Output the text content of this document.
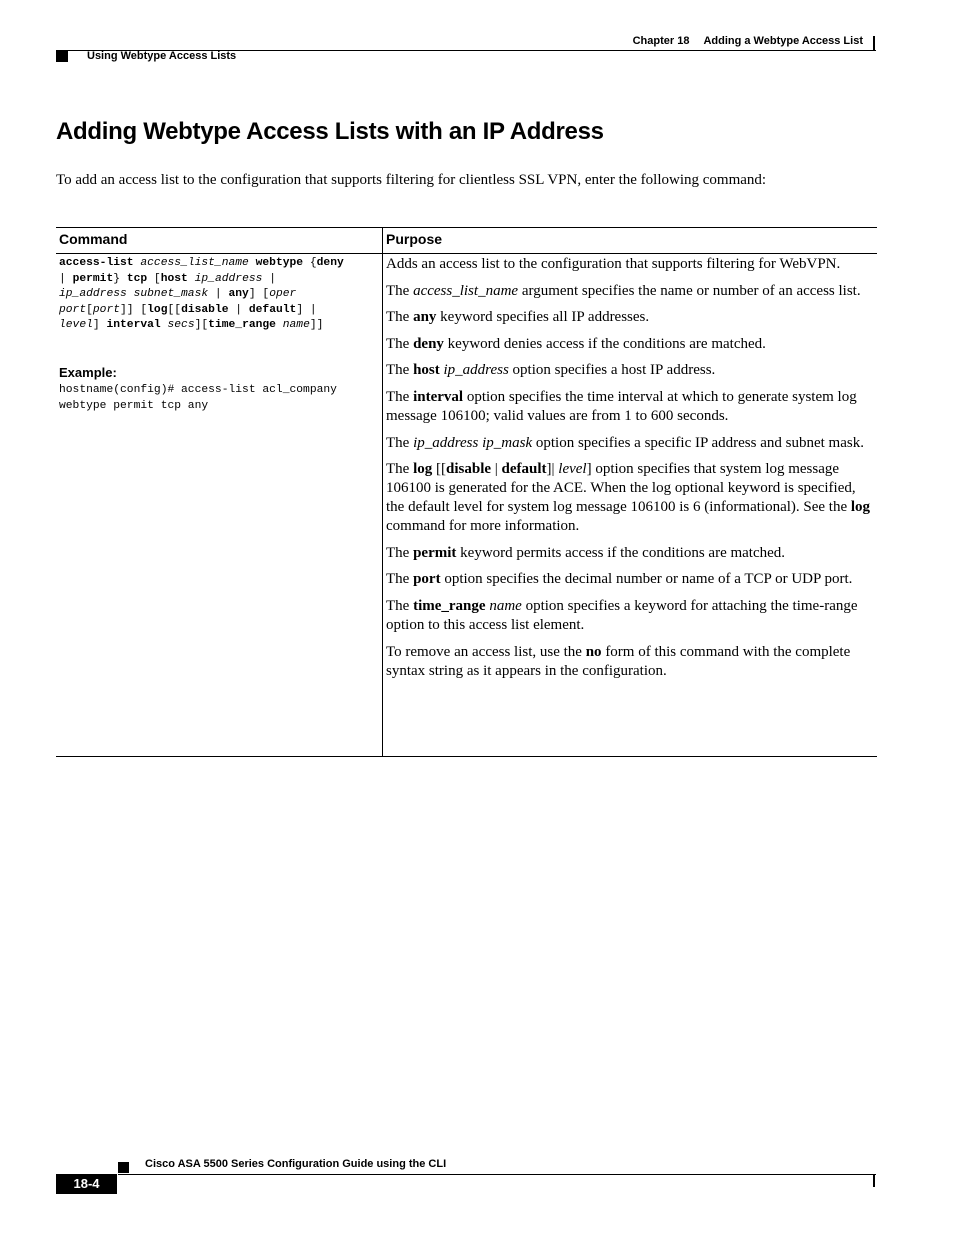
Chapter 18 Adding a Webtype Access List
Using Webtype Access Lists
Adding Webtype Access Lists with an IP Address
To add an access list to the configuration that supports filtering for clientless SSL VPN, enter the following command:
Command	Purpose
access-list access_list_name webtype {deny
| permit} tcp [host ip_address |
ip_address subnet_mask | any] [oper
port[port]] [log[[disable | default] |
level] interval secs][time_range name]]
Example:
hostname(config)# access-list acl_company
webtype permit tcp any

Adds an access list to the configuration that supports filtering for WebVPN.

The access_list_name argument specifies the name or number of an access list.

The any keyword specifies all IP addresses.

The deny keyword denies access if the conditions are matched.

The host ip_address option specifies a host IP address.

The interval option specifies the time interval at which to generate system log message 106100; valid values are from 1 to 600 seconds.

The ip_address ip_mask option specifies a specific IP address and subnet mask.

The log [[disable | default]| level] option specifies that system log message 106100 is generated for the ACE. When the log optional keyword is specified, the default level for system log message 106100 is 6 (informational). See the log command for more information.

The permit keyword permits access if the conditions are matched.

The port option specifies the decimal number or name of a TCP or UDP port.

The time_range name option specifies a keyword for attaching the time-range option to this access list element.

To remove an access list, use the no form of this command with the complete syntax string as it appears in the configuration.

Cisco ASA 5500 Series Configuration Guide using the CLI
18-4
